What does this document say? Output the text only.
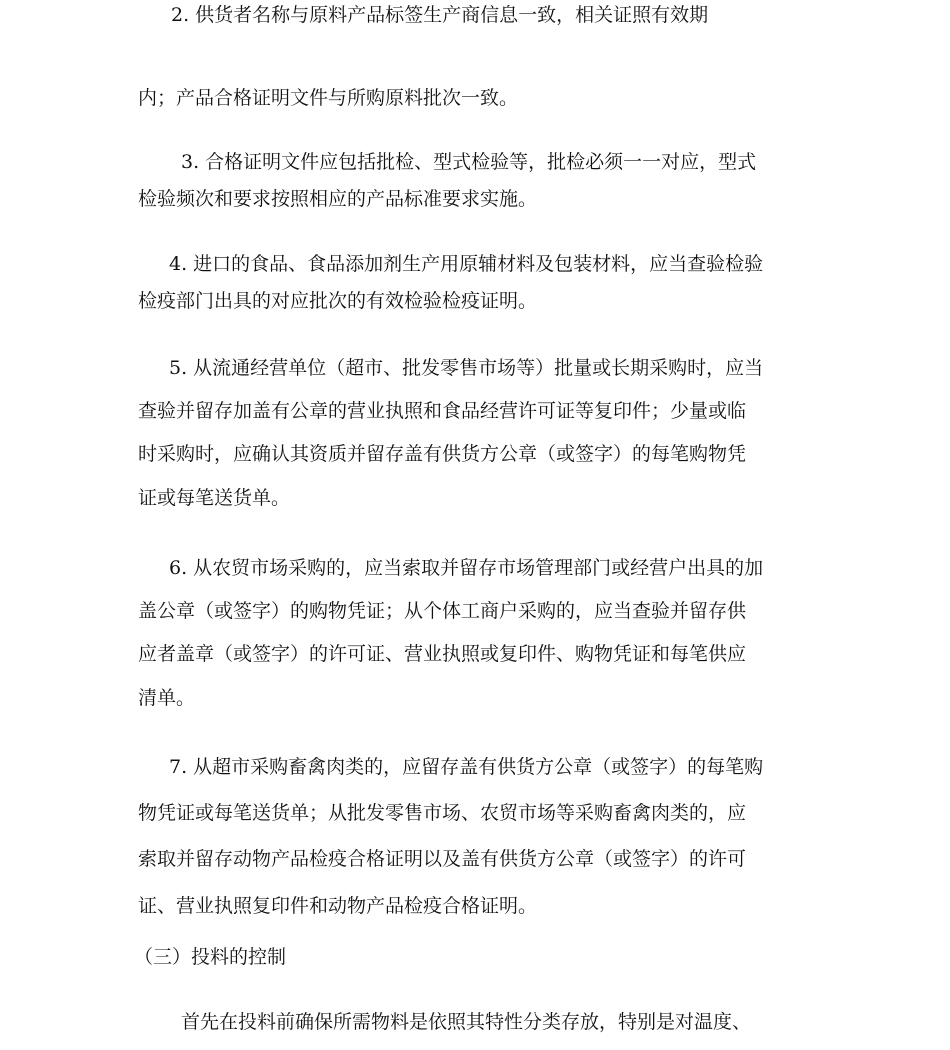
2. 供货者名称与原料产品标签生产商信息一致，相关证照有效期

内；产品合格证明文件与所购原料批次一致。

3. 合格证明文件应包括批检、型式检验等，批检必须一一对应，型式

检验频次和要求按照相应的产品标准要求实施。

4. 进口的食品、食品添加剂生产用原辅材料及包装材料，应当查验检验

检疫部门出具的对应批次的有效检验检疫证明。

5. 从流通经营单位（超市、批发零售市场等）批量或长期采购时，应当

查验并留存加盖有公章的营业执照和食品经营许可证等复印件；少量或临

时采购时，应确认其资质并留存盖有供货方公章（或签字）的每笔购物凭

证或每笔送货单。

6. 从农贸市场采购的，应当索取并留存市场管理部门或经营户出具的加

盖公章（或签字）的购物凭证；从个体工商户采购的，应当查验并留存供

应者盖章（或签字）的许可证、营业执照或复印件、购物凭证和每笔供应

清单。

7. 从超市采购畜禽肉类的，应留存盖有供货方公章（或签字）的每笔购

物凭证或每笔送货单；从批发零售市场、农贸市场等采购畜禽肉类的，应

索取并留存动物产品检疫合格证明以及盖有供货方公章（或签字）的许可

证、营业执照复印件和动物产品检疫合格证明。

（三）投料的控制

首先在投料前确保所需物料是依照其特性分类存放，特别是对温度、
